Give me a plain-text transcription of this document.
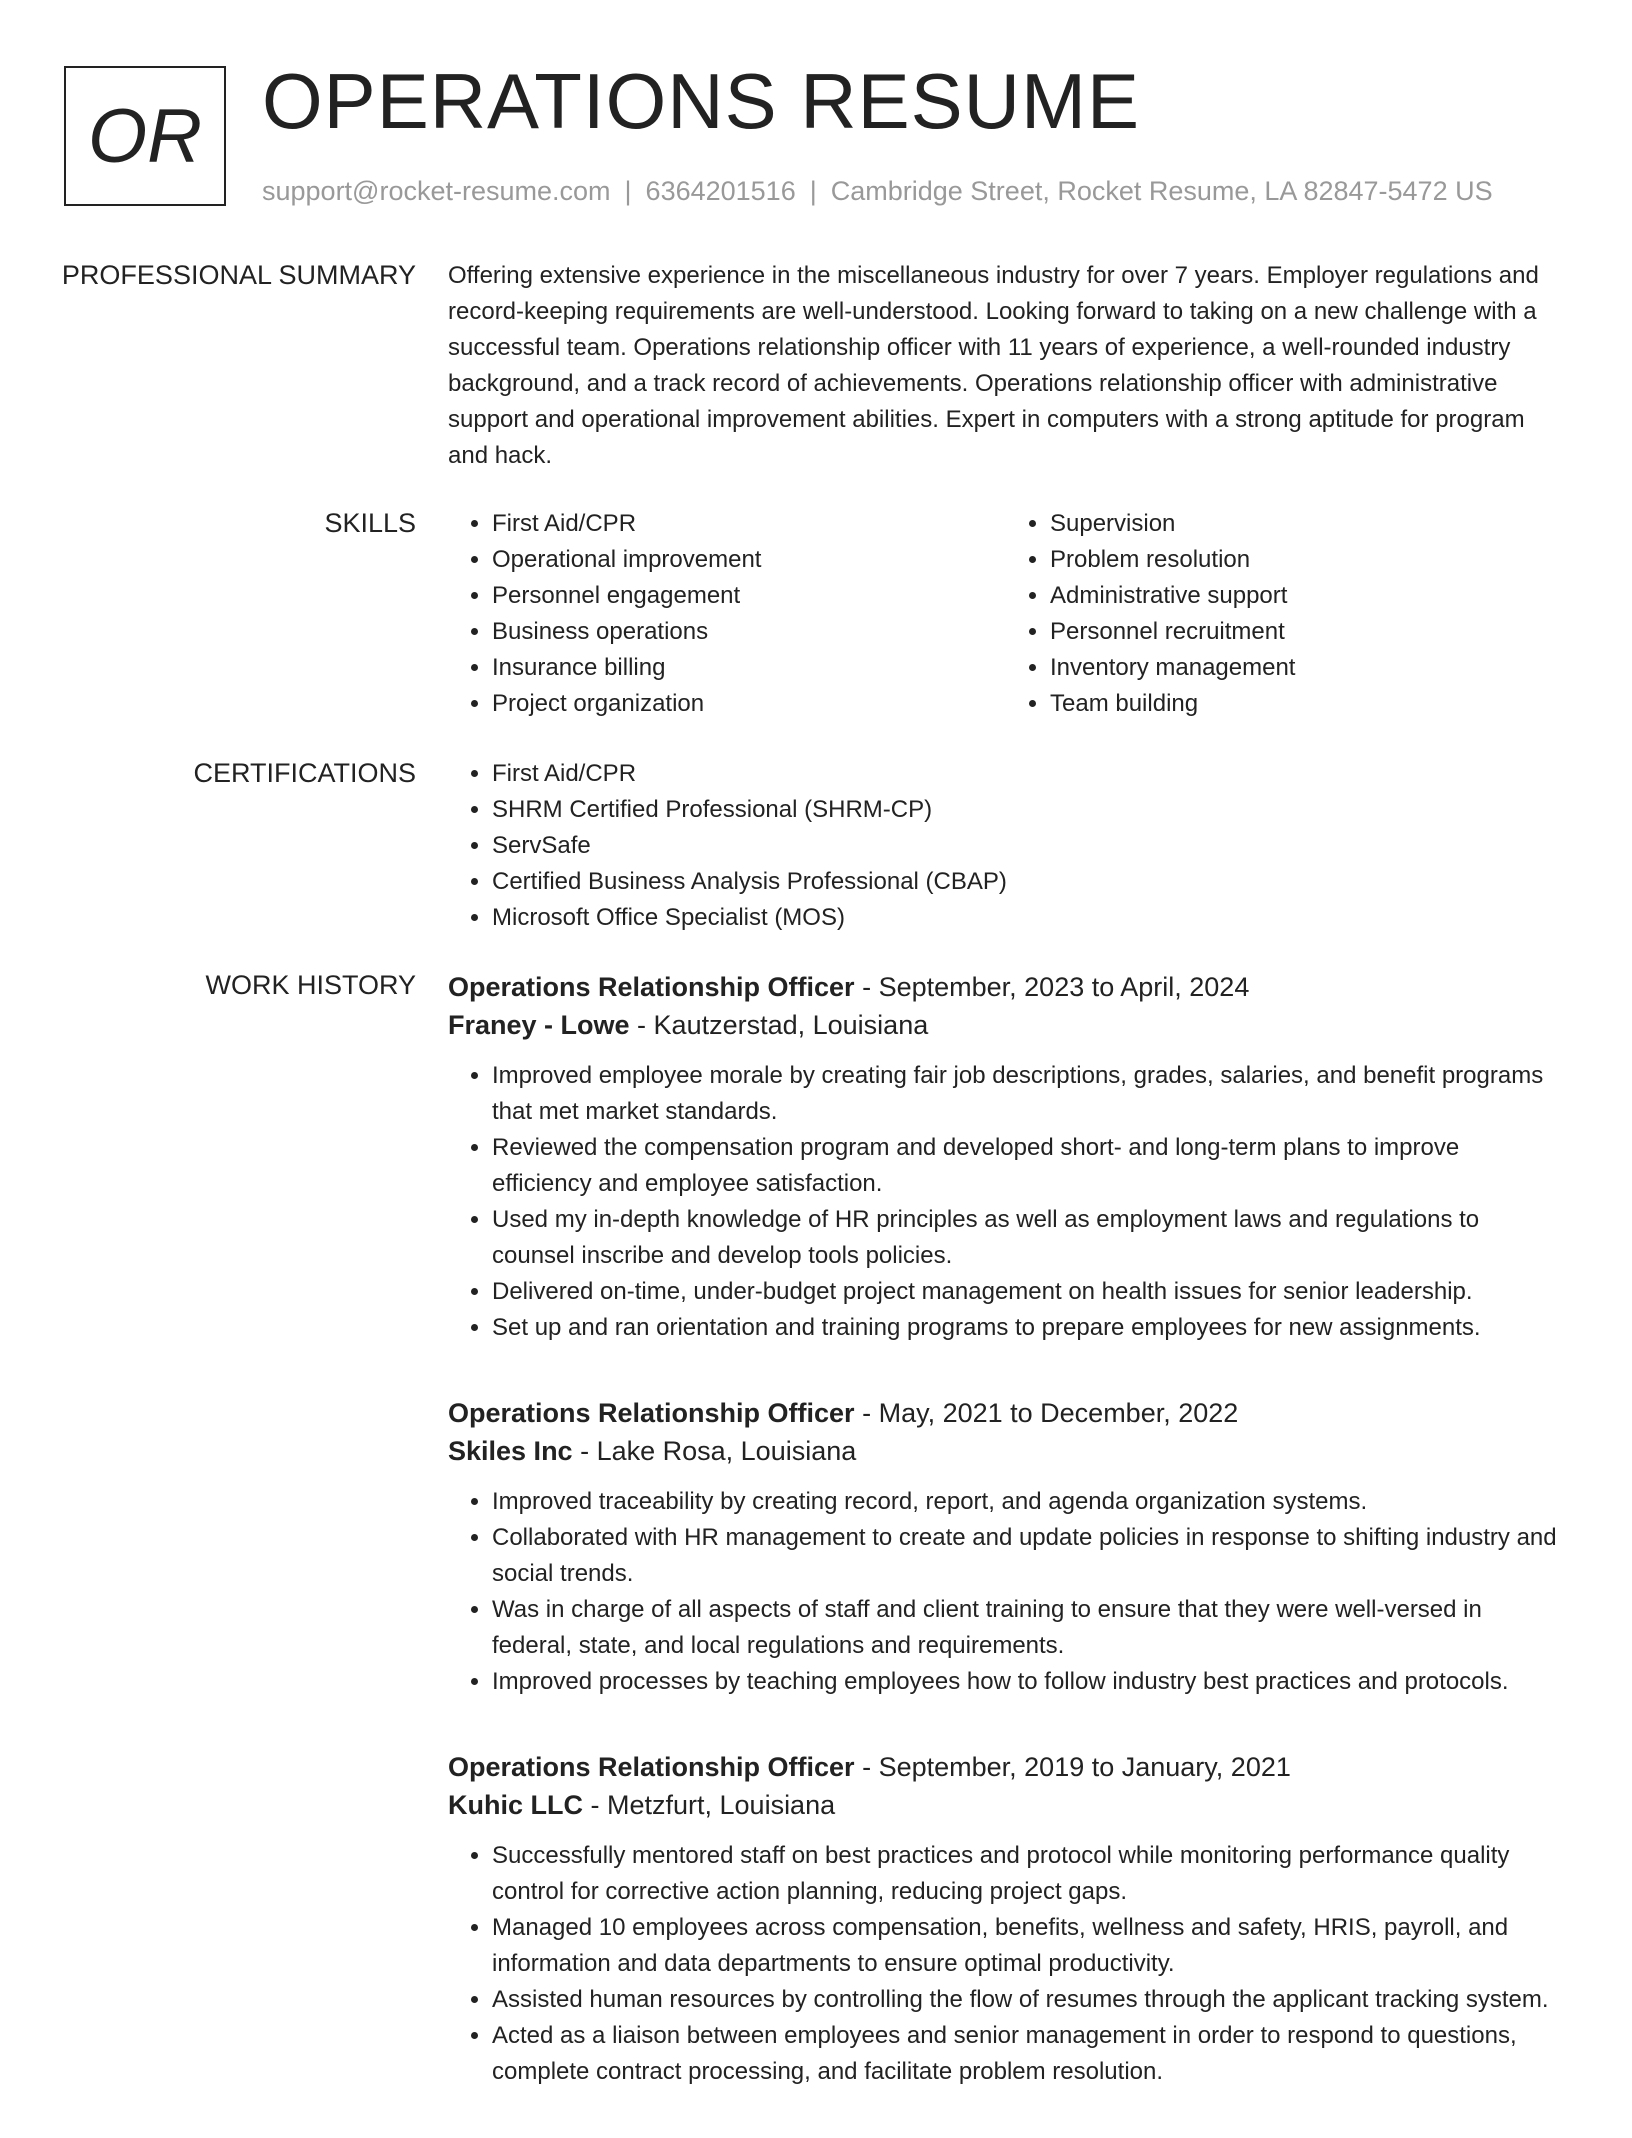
OR OPERATIONS RESUME
support@rocket-resume.com | 6364201516 | Cambridge Street, Rocket Resume, LA 82847-5472 US
PROFESSIONAL SUMMARY Offering extensive experience in the miscellaneous industry for over 7 years. Employer regulations and record-keeping requirements are well-understood. Looking forward to taking on a new challenge with a successful team. Operations relationship officer with 11 years of experience, a well-rounded industry background, and a track record of achievements. Operations relationship officer with administrative support and operational improvement abilities. Expert in computers with a strong aptitude for program and hack.

SKILLS	• First Aid/CPR
• Operational improvement
• Personnel engagement
• Business operations
• Insurance billing
• Project organization
• Supervision
• Problem resolution
• Administrative support
• Personnel recruitment
• Inventory management
• Team building
CERTIFICATIONS	• First Aid/CPR
• SHRM Certified Professional (SHRM-CP)
• ServSafe
• Certified Business Analysis Professional (CBAP)
• Microsoft Office Specialist (MOS)
WORK HISTORY Operations Relationship Officer - September, 2023 to April, 2024
Franey - Lowe - Kautzerstad, Louisiana
• Improved employee morale by creating fair job descriptions, grades, salaries, and benefit programs that met market standards.
• Reviewed the compensation program and developed short- and long-term plans to improve efficiency and employee satisfaction.
• Used my in-depth knowledge of HR principles as well as employment laws and regulations to counsel inscribe and develop tools policies.
• Delivered on-time, under-budget project management on health issues for senior leadership.
• Set up and ran orientation and training programs to prepare employees for new assignments.
Operations Relationship Officer - May, 2021 to December, 2022
Skiles Inc - Lake Rosa, Louisiana
• Improved traceability by creating record, report, and agenda organization systems.
• Collaborated with HR management to create and update policies in response to shifting industry and social trends.
• Was in charge of all aspects of staff and client training to ensure that they were well-versed in federal, state, and local regulations and requirements.
• Improved processes by teaching employees how to follow industry best practices and protocols.
Operations Relationship Officer - September, 2019 to January, 2021
Kuhic LLC - Metzfurt, Louisiana
• Successfully mentored staff on best practices and protocol while monitoring performance quality control for corrective action planning, reducing project gaps.
• Managed 10 employees across compensation, benefits, wellness and safety, HRIS, payroll, and information and data departments to ensure optimal productivity.
• Assisted human resources by controlling the flow of resumes through the applicant tracking system.
• Acted as a liaison between employees and senior management in order to respond to questions, complete contract processing, and facilitate problem resolution.
